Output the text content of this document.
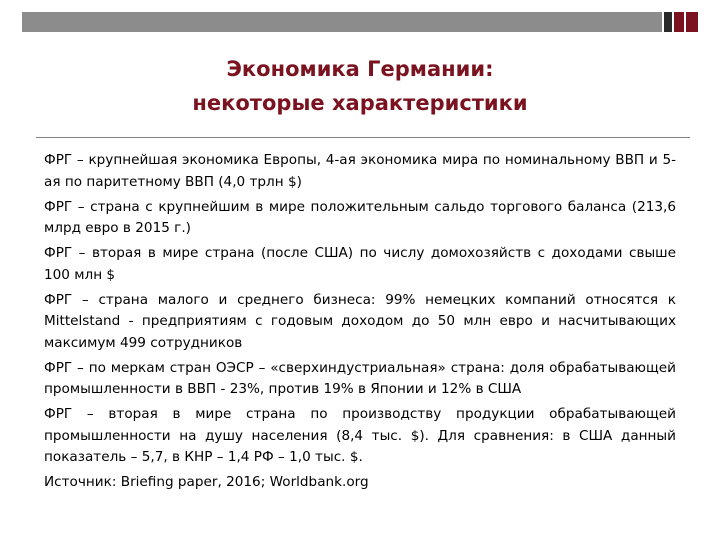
Экономика Германии:
некоторые характеристики

ФРГ – крупнейшая экономика Европы, 4-ая экономика мира по номинальному ВВП и 5-ая по паритетному ВВП (4,0 трлн $)

ФРГ – страна с крупнейшим в мире положительным сальдо торгового баланса (213,6 млрд евро в 2015 г.)

ФРГ – вторая в мире страна (после США) по числу домохозяйств с доходами свыше 100 млн $

ФРГ – страна малого и среднего бизнеса: 99% немецких компаний относятся к Mittelstand - предприятиям с годовым доходом до 50 млн евро и насчитывающих максимум 499 сотрудников

ФРГ – по меркам стран ОЭСР – «сверхиндустриальная» страна: доля обрабатывающей промышленности в ВВП - 23%, против 19% в Японии и 12% в США

ФРГ – вторая в мире страна по производству продукции обрабатывающей промышленности на душу населения (8,4 тыс. $). Для сравнения: в США данный показатель – 5,7, в КНР – 1,4 РФ – 1,0 тыс. $.

Источник: Briefing paper, 2016; Worldbank.org
